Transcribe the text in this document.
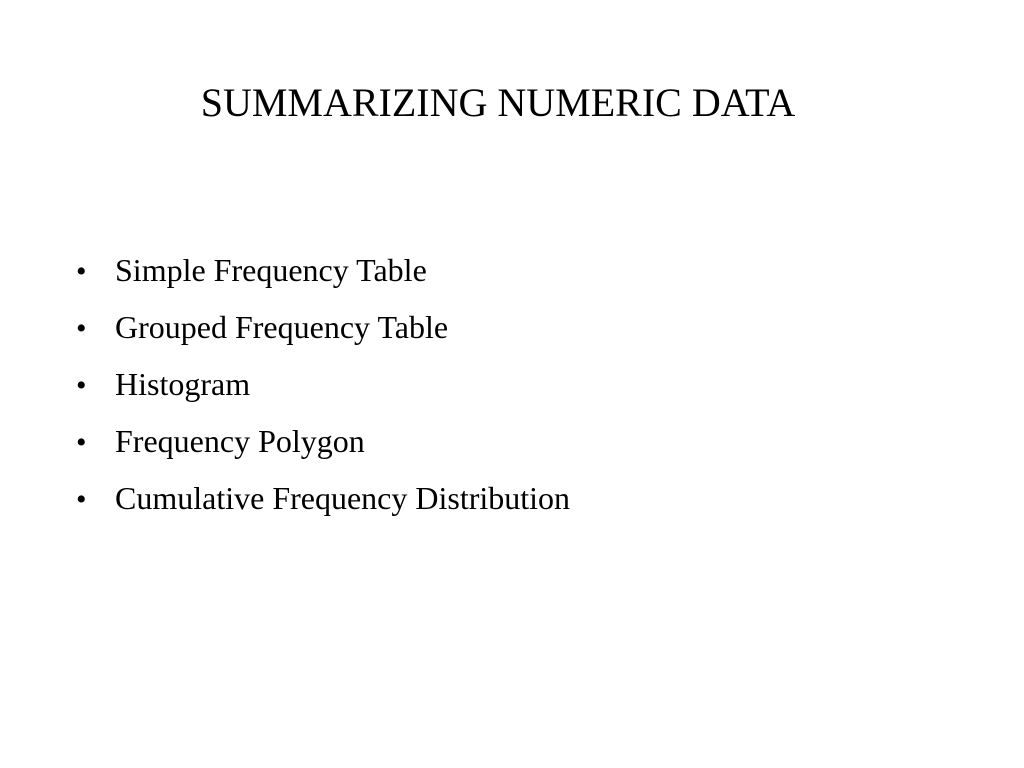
SUMMARIZING NUMERIC DATA
• Simple Frequency Table
• Grouped Frequency Table
• Histogram
• Frequency Polygon
• Cumulative Frequency Distribution
